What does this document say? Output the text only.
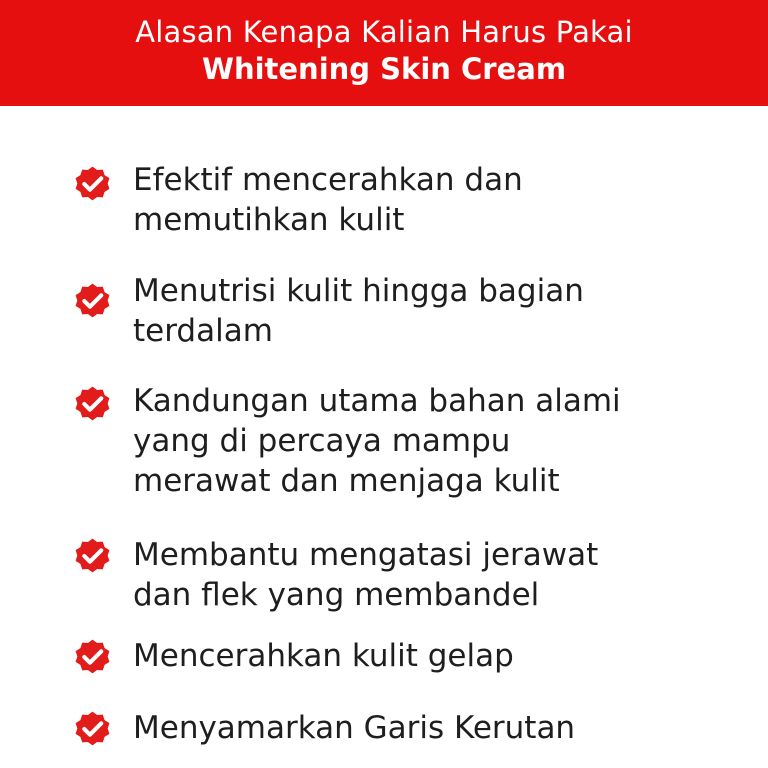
Alasan Kenapa Kalian Harus Pakai
Whitening Skin Cream
Efektif mencerahkan dan
memutihkan kulit
Menutrisi kulit hingga bagian
terdalam
Kandungan utama bahan alami
yang di percaya mampu
merawat dan menjaga kulit
Membantu mengatasi jerawat
dan flek yang membandel
Mencerahkan kulit gelap
Menyamarkan Garis Kerutan
